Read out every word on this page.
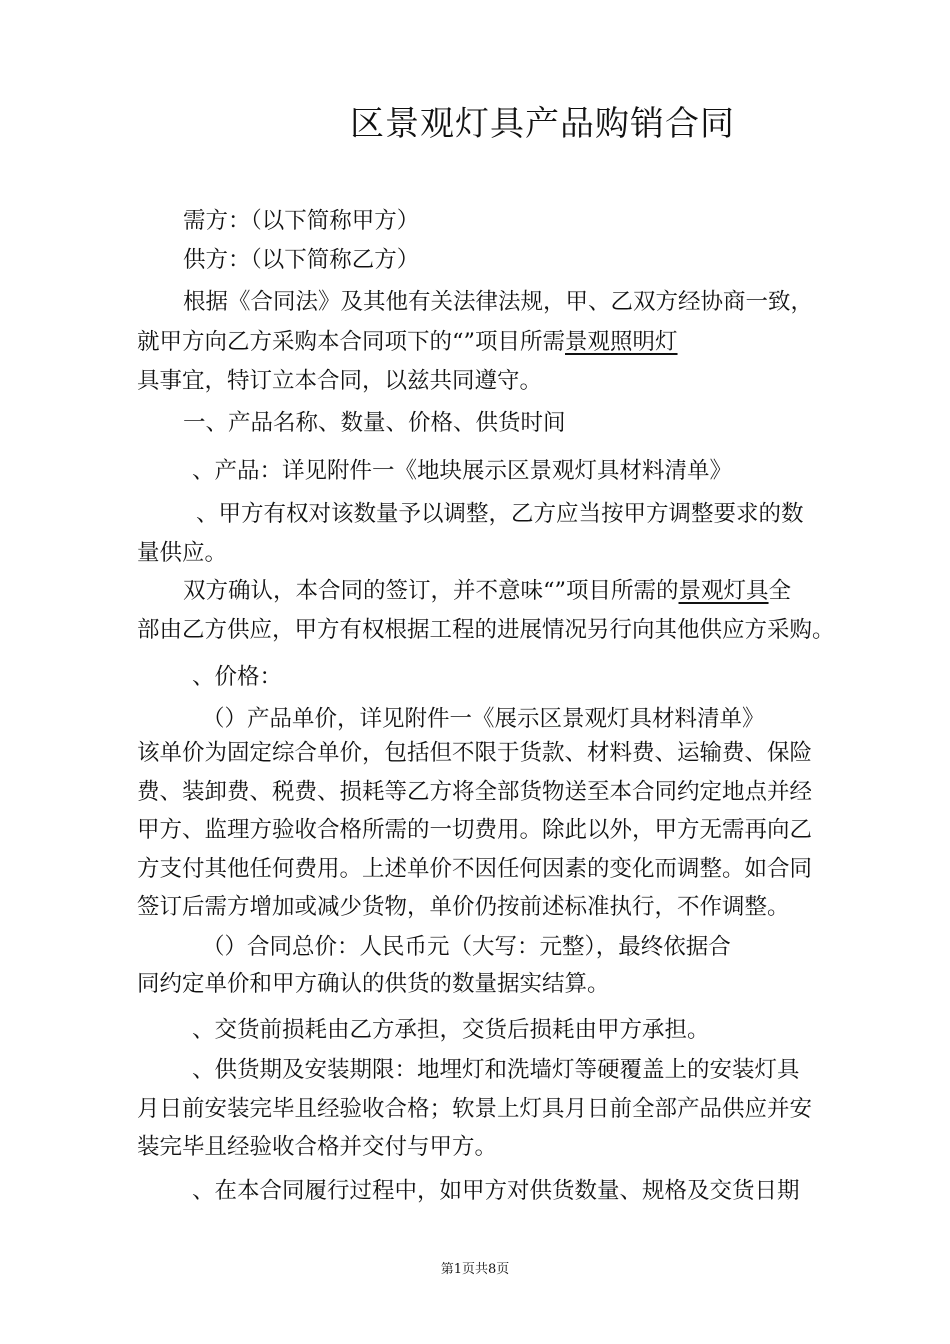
区景观灯具产品购销合同
需方：（以下简称甲方）
供方：（以下简称乙方）
根据《合同法》及其他有关法律法规，甲、乙双方经协商一致，
就甲方向乙方采购本合同项下的“”项目所需景观照明灯
具事宜，特订立本合同，以兹共同遵守。
一、产品名称、数量、价格、供货时间
、产品：详见附件一《地块展示区景观灯具材料清单》
、甲方有权对该数量予以调整，乙方应当按甲方调整要求的数
量供应。
双方确认，本合同的签订，并不意味“”项目所需的景观灯具全
部由乙方供应，甲方有权根据工程的进展情况另行向其他供应方采购。
、价格：
（）产品单价，详见附件一《展示区景观灯具材料清单》
该单价为固定综合单价，包括但不限于货款、材料费、运输费、保险
费、装卸费、税费、损耗等乙方将全部货物送至本合同约定地点并经
甲方、监理方验收合格所需的一切费用。除此以外，甲方无需再向乙
方支付其他任何费用。上述单价不因任何因素的变化而调整。如合同
签订后需方增加或减少货物，单价仍按前述标准执行，不作调整。
（）合同总价：人民币元（大写：元整），最终依据合
同约定单价和甲方确认的供货的数量据实结算。
、交货前损耗由乙方承担，交货后损耗由甲方承担。
、供货期及安装期限：地埋灯和洗墙灯等硬覆盖上的安装灯具
月日前安装完毕且经验收合格；软景上灯具月日前全部产品供应并安
装完毕且经验收合格并交付与甲方。
、在本合同履行过程中，如甲方对供货数量、规格及交货日期
第1页共8页
